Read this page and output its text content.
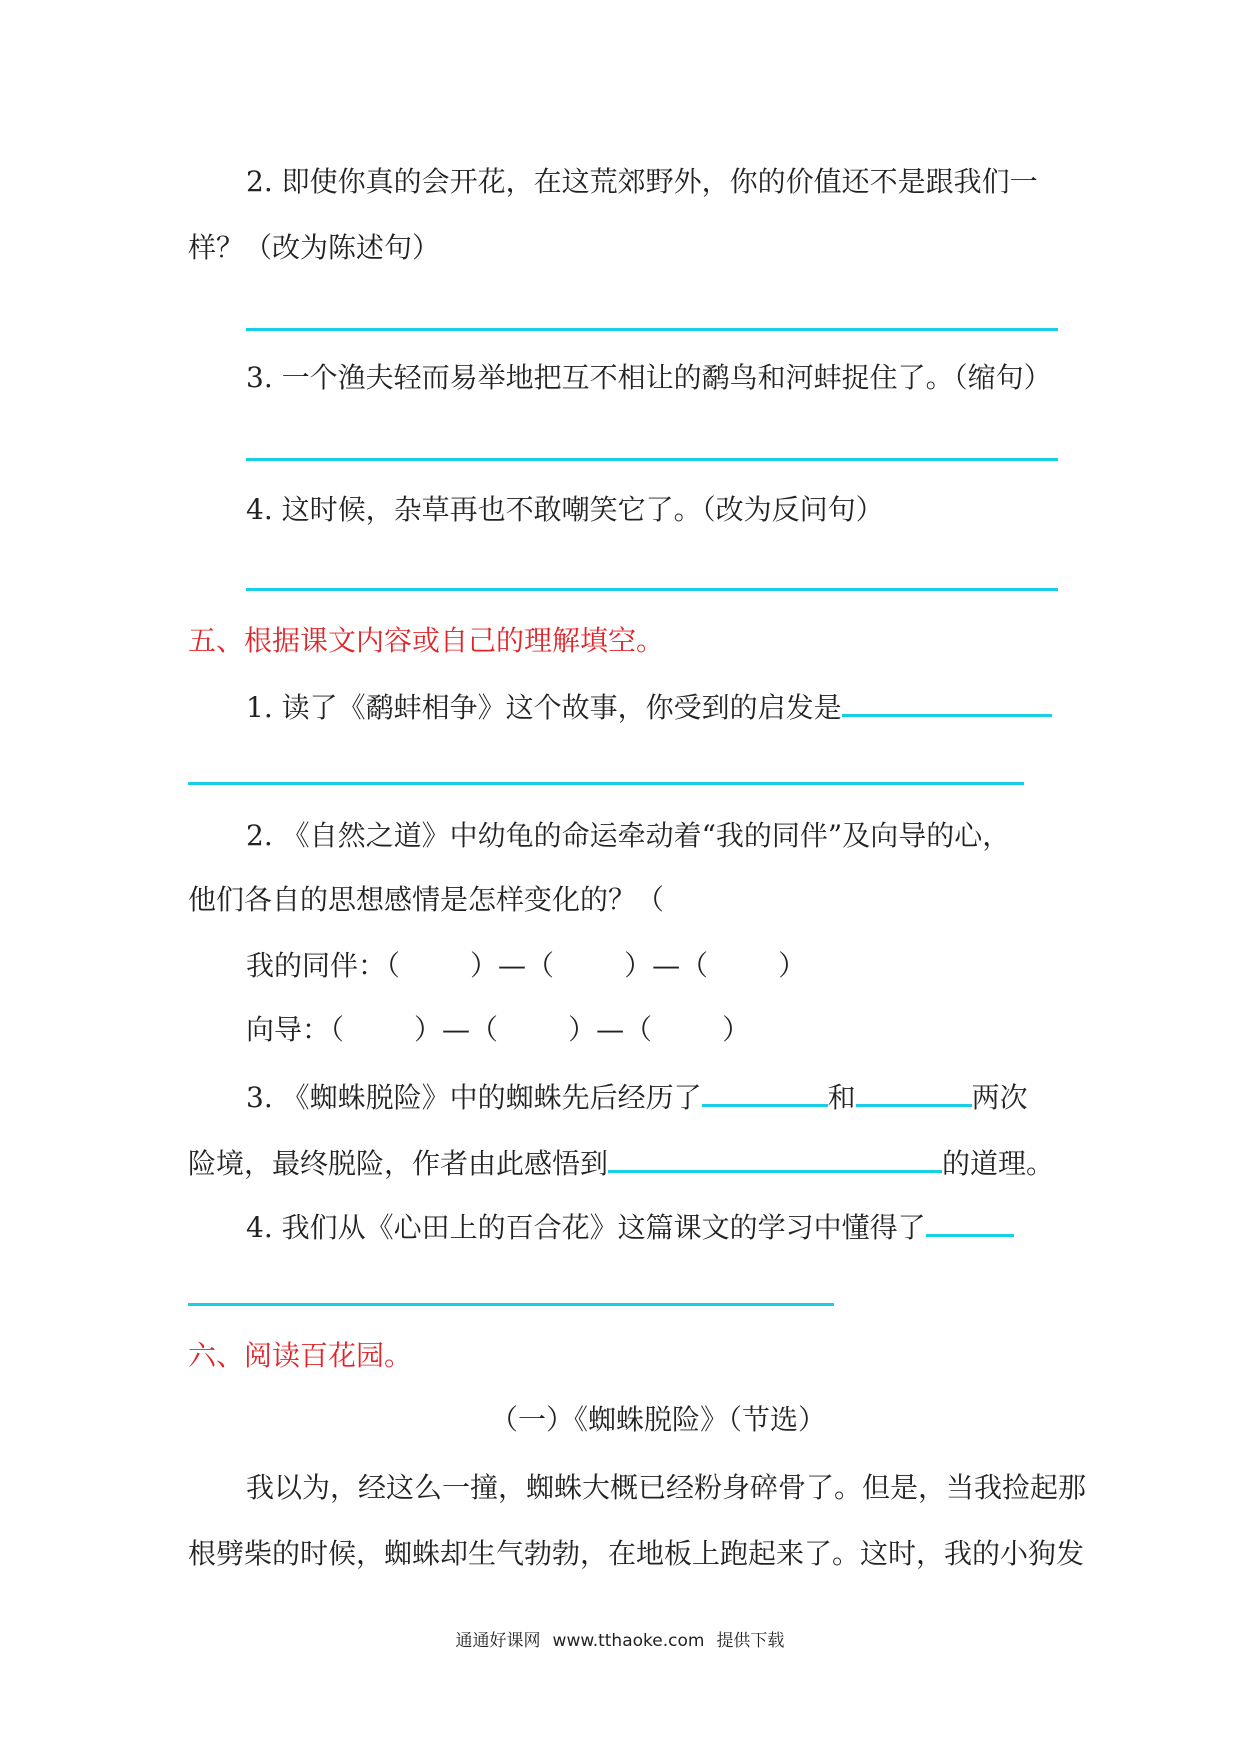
2. 即使你真的会开花，在这荒郊野外，你的价值还不是跟我们一
样？（改为陈述句）
3. 一个渔夫轻而易举地把互不相让的鹬鸟和河蚌捉住了。（缩句）
4. 这时候，杂草再也不敢嘲笑它了。（改为反问句）
五、根据课文内容或自己的理解填空。
1. 读了《鹬蚌相争》这个故事，你受到的启发是
2. 《自然之道》中幼龟的命运牵动着“我的同伴”及向导的心，
他们各自的思想感情是怎样变化的？（
我的同伴：（	）—（	）—（	）
向导：（	）—（	）—（	）
3. 《蜘蛛脱险》中的蜘蛛先后经历了	和	两次
险境，最终脱险，作者由此感悟到	的道理。
4. 我们从《心田上的百合花》这篇课文的学习中懂得了
六、阅读百花园。
（一）《蜘蛛脱险》（节选）
我以为，经这么一撞，蜘蛛大概已经粉身碎骨了。但是，当我捡起那
根劈柴的时候，蜘蛛却生气勃勃，在地板上跑起来了。这时，我的小狗发
通通好课网 www.tthaoke.com 提供下载
